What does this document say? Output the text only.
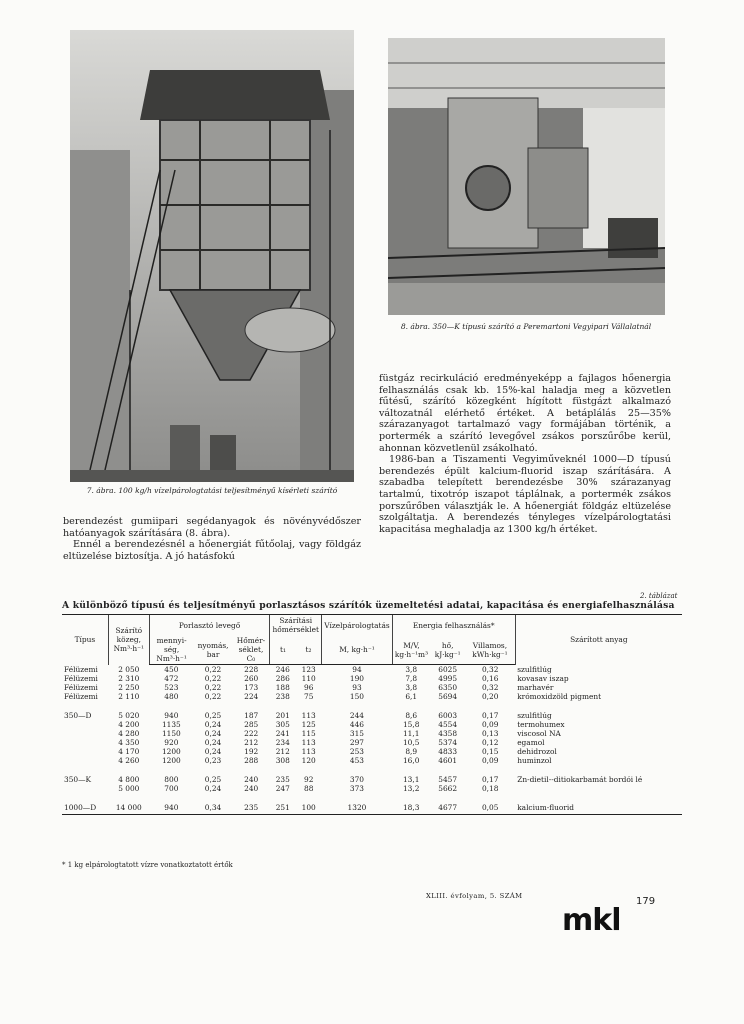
7. ábra. 100 kg/h vízelpárologtatási teljesítményű kísérleti szárító
8. ábra. 350—K típusú szárító a Peremartoni Vegyipari Vállalatnál

berendezést gumiipari segédanyagok és növényvédőszer hatóanyagok szárítására (8. ábra).

Ennél a berendezésnél a hőenergiát fűtőolaj, vagy földgáz eltüzelése biztosítja. A jó hatásfokú

füstgáz recirkuláció eredményeképp a fajlagos hőenergia felhasználás csak kb. 15%-kal haladja meg a közvetlen fűtésű, szárító közegként hígított füstgázt alkalmazó változatnál elérhető értéket. A betáplálás 25—35% szárazanyagot tartalmazó vagy formájában történik, a portermék a szárító levegővel zsákos porszűrőbe kerül, ahonnan közvetlenül zsákolható.

1986-ban a Tiszamenti Vegyiműveknél 1000—D típusú berendezés épült kalcium-fluorid iszap szárítására. A szabadba telepített berendezésbe 30% szárazanyag tartalmú, tixotróp iszapot táplálnak, a portermék zsákos porszűrőben választják le. A hőenergiát földgáz eltüzelése szolgáltatja. A berendezés tényleges vízelpárologtatási kapacitása meghaladja az 1300 kg/h értéket.

2. táblázat
A különböző típusú és teljesítményű porlasztásos szárítók üzemeltetési adatai, kapacitása és energiafelhasználása
Típus	Szárító közeg, Nm³·h⁻¹	Porlasztó levegő			Szárítási hőmérséklet		Vízelpárologtatás	Energia felhasználás*			Szárított anyag
		mennyi-ség, Nm³·h⁻¹	nyomás, bar	Hőmér-séklet, C₀	t₁	t₂	M, kg·h⁻¹	M/V, kg·h⁻¹m³	hő, kJ·kg⁻¹	Villamos, kWh·kg⁻¹	
Félüzemi	2 050	450	0,22	228	246	123	94	3,8	6025	0,32	szulfitlúg
Félüzemi	2 310	472	0,22	260	286	110	190	7,8	4995	0,16	kovasav iszap
Félüzemi	2 250	523	0,22	173	188	96	93	3,8	6350	0,32	marhavér
Félüzemi	2 110	480	0,22	224	238	75	150	6,1	5694	0,20	krómoxidzöld pigment

350—D	5 020	940	0,25	187	201	113	244	8,6	6003	0,17	szulfitlúg
	4 200	1135	0,24	285	305	125	446	15,8	4554	0,09	termohumex
	4 280	1150	0,24	222	241	115	315	11,1	4358	0,13	viscosol NA
	4 350	920	0,24	212	234	113	297	10,5	5374	0,12	egamol
	4 170	1200	0,24	192	212	113	253	8,9	4833	0,15	dehidrozol
	4 260	1200	0,23	288	308	120	453	16,0	4601	0,09	huminzol

350—K	4 800	800	0,25	240	235	92	370	13,1	5457	0,17	Zn-dietil--ditiokarbamát bordói lé
	5 000	700	0,24	240	247	88	373	13,2	5662	0,18	

1000—D	14 000	940	0,34	235	251	100	1320	18,3	4677	0,05	kalcium-fluorid
* 1 kg elpárologtatott vízre vonatkoztatott értők
XLIII. évfolyam, 5. SZÁM	179
mkl
